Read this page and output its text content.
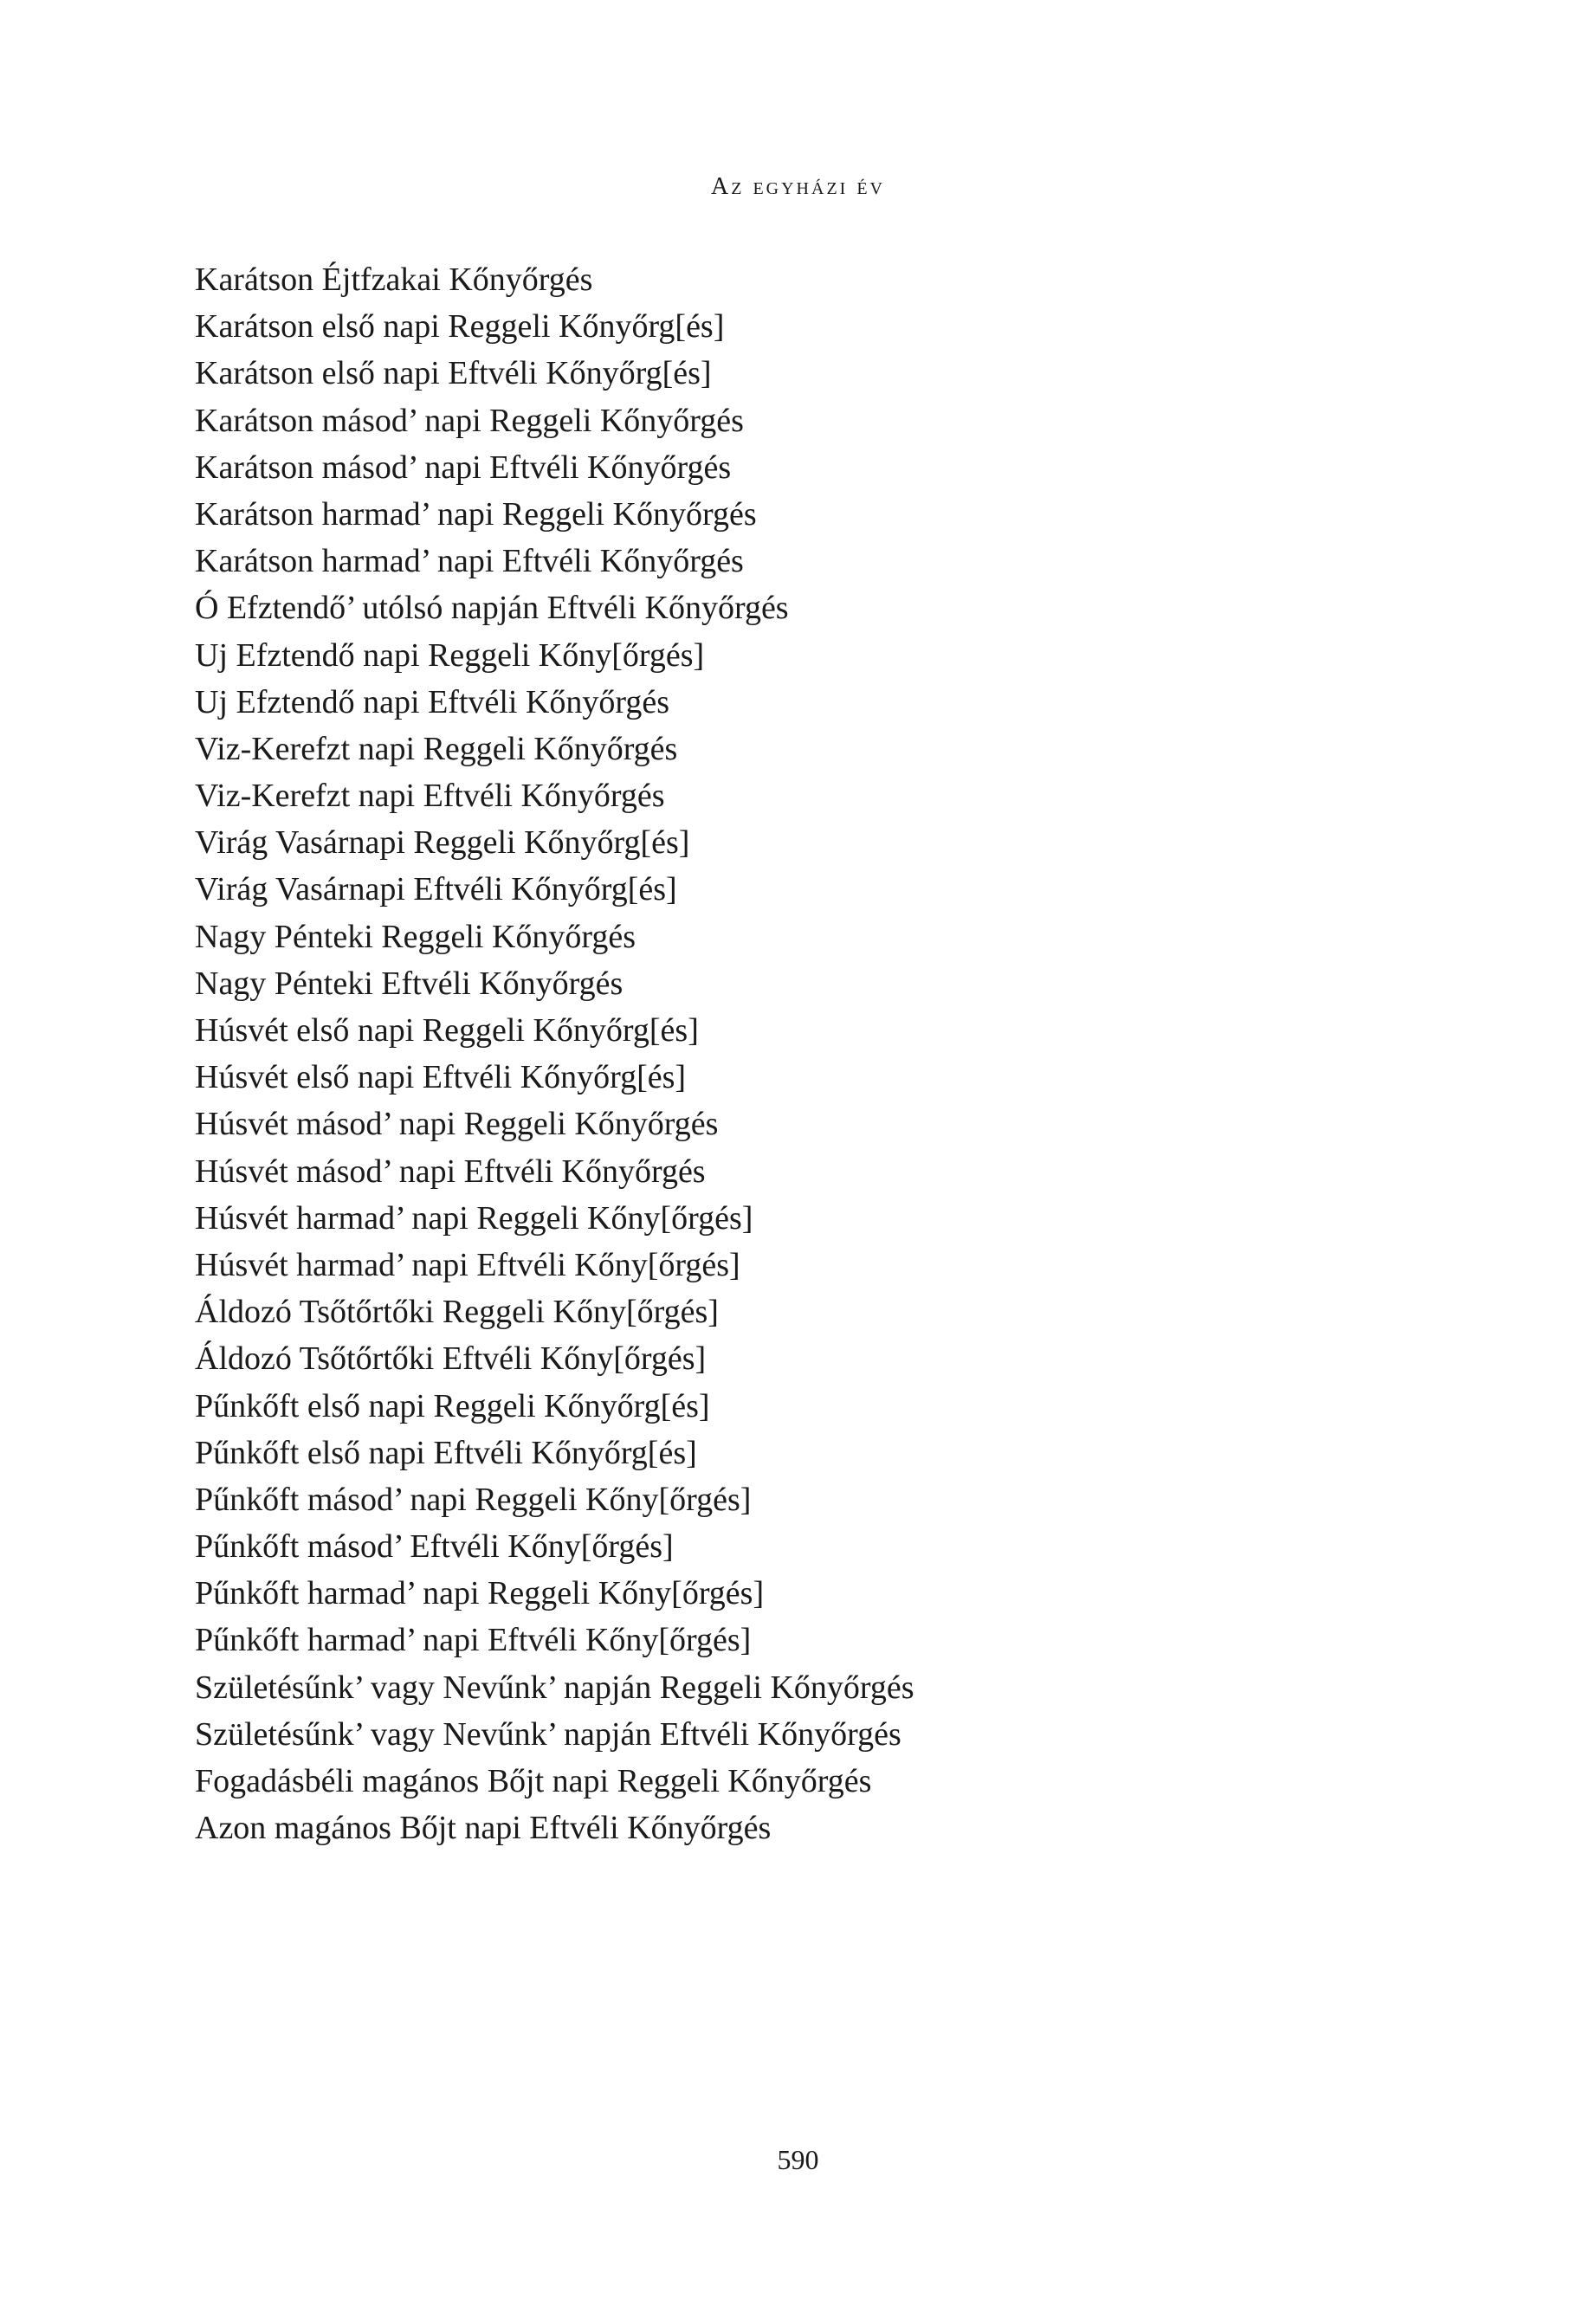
Az egyházi év
Karátson Éjtfzakai Kőnyőrgés
Karátson első napi Reggeli Kőnyőrg[és]
Karátson első napi Eftvéli Kőnyőrg[és]
Karátson másod’ napi Reggeli Kőnyőrgés
Karátson másod’ napi Eftvéli Kőnyőrgés
Karátson harmad’ napi Reggeli Kőnyőrgés
Karátson harmad’ napi Eftvéli Kőnyőrgés
Ó Efztendő’ utólsó napján Eftvéli Kőnyőrgés
Uj Efztendő napi Reggeli Kőny[őrgés]
Uj Efztendő napi Eftvéli Kőnyőrgés
Viz-Kerefzt napi Reggeli Kőnyőrgés
Viz-Kerefzt napi Eftvéli Kőnyőrgés
Virág Vasárnapi Reggeli Kőnyőrg[és]
Virág Vasárnapi Eftvéli Kőnyőrg[és]
Nagy Pénteki Reggeli Kőnyőrgés
Nagy Pénteki Eftvéli Kőnyőrgés
Húsvét első napi Reggeli Kőnyőrg[és]
Húsvét első napi Eftvéli Kőnyőrg[és]
Húsvét másod’ napi Reggeli Kőnyőrgés
Húsvét másod’ napi Eftvéli Kőnyőrgés
Húsvét harmad’ napi Reggeli Kőny[őrgés]
Húsvét harmad’ napi Eftvéli Kőny[őrgés]
Áldozó Tsőtőrtőki Reggeli Kőny[őrgés]
Áldozó Tsőtőrtőki Eftvéli Kőny[őrgés]
Pűnkőft első napi Reggeli Kőnyőrg[és]
Pűnkőft első napi Eftvéli Kőnyőrg[és]
Pűnkőft másod’ napi Reggeli Kőny[őrgés]
Pűnkőft másod’ Eftvéli Kőny[őrgés]
Pűnkőft harmad’ napi Reggeli Kőny[őrgés]
Pűnkőft harmad’ napi Eftvéli Kőny[őrgés]
Születésűnk’ vagy Nevűnk’ napján Reggeli Kőnyőrgés
Születésűnk’ vagy Nevűnk’ napján Eftvéli Kőnyőrgés
Fogadásbéli magános Bőjt napi Reggeli Kőnyőrgés
Azon magános Bőjt napi Eftvéli Kőnyőrgés
590
